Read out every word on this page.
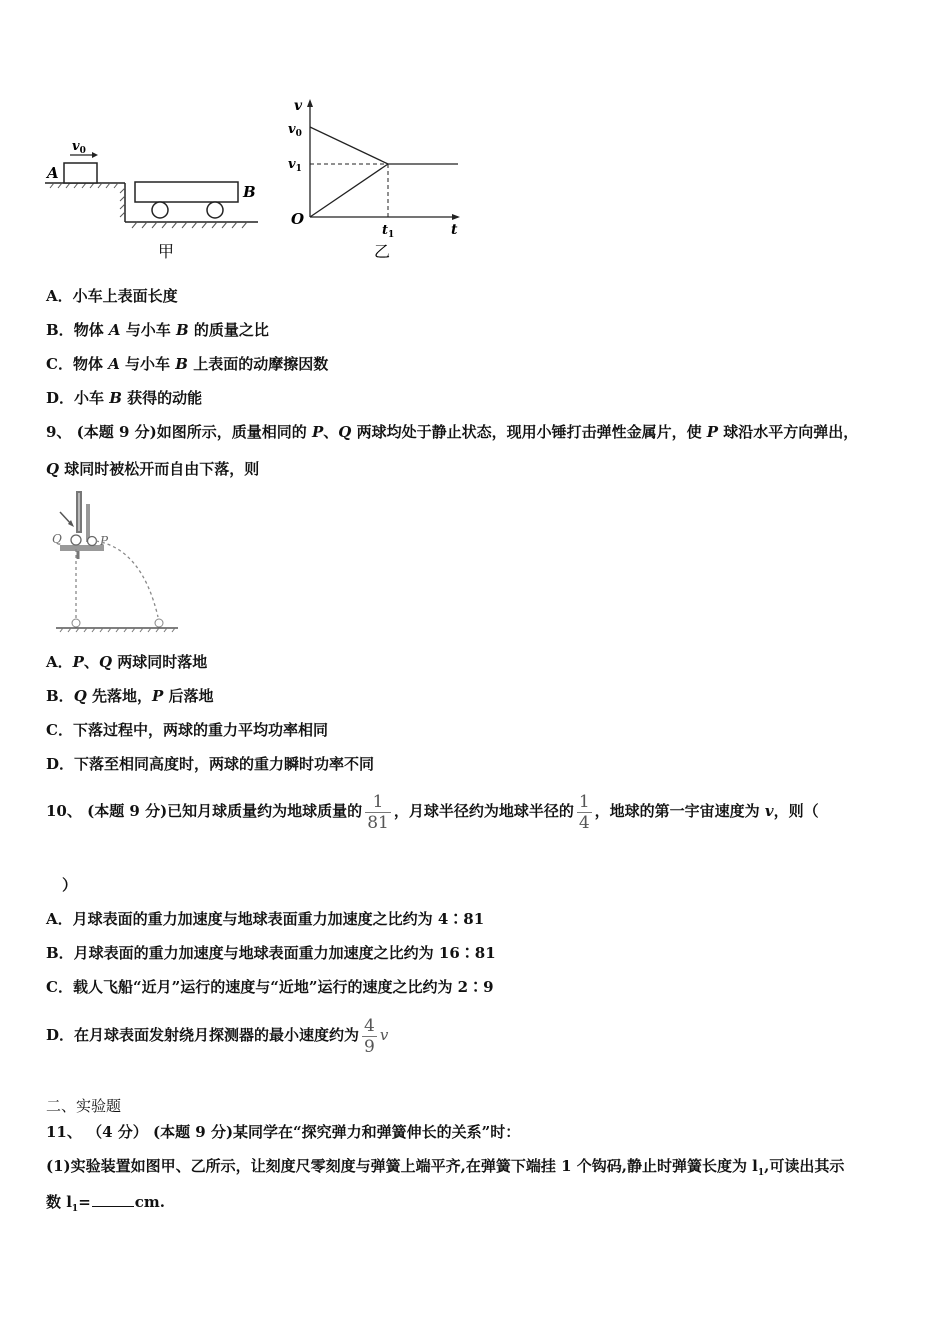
A
$v_0$
B
甲
v
t
O
$v_0$
$v_1$
$t_1$
乙
A．小车上表面长度
B．物体 A 与小车 B 的质量之比
C．物体 A 与小车 B 上表面的动摩擦因数
D．小车 B 获得的动能
9、 (本题 9 分)如图所示，质量相同的 P、Q 两球均处于静止状态，现用小锤打击弹性金属片，使 P 球沿水平方向弹出，
Q 球同时被松开而自由下落，则
Q	P
A．P、Q 两球同时落地
B．Q 先落地，P 后落地
C．下落过程中，两球的重力平均功率相同
D．下落至相同高度时，两球的重力瞬时功率不同
10、 (本题 9 分)已知月球质量约为地球质量的 $\frac{1}{81}$ ，月球半径约为地球半径的 $\frac{1}{4}$ ，地球的第一宇宙速度为 v，则（
）
A．月球表面的重力加速度与地球表面重力加速度之比约为 4∶81
B．月球表面的重力加速度与地球表面重力加速度之比约为 16∶81
C．载人飞船“近月”运行的速度与“近地”运行的速度之比约为 2∶9
D．在月球表面发射绕月探测器的最小速度约为 $\frac{4}{9}$ v
二、实验题
11、 （4 分） (本题 9 分)某同学在“探究弹力和弹簧伸长的关系”时：
(1)实验装置如图甲、乙所示，让刻度尺零刻度与弹簧上端平齐,在弹簧下端挂 1 个钩码,静止时弹簧长度为 $l_1$,可读出其示
数 $l_1=$	cm.
